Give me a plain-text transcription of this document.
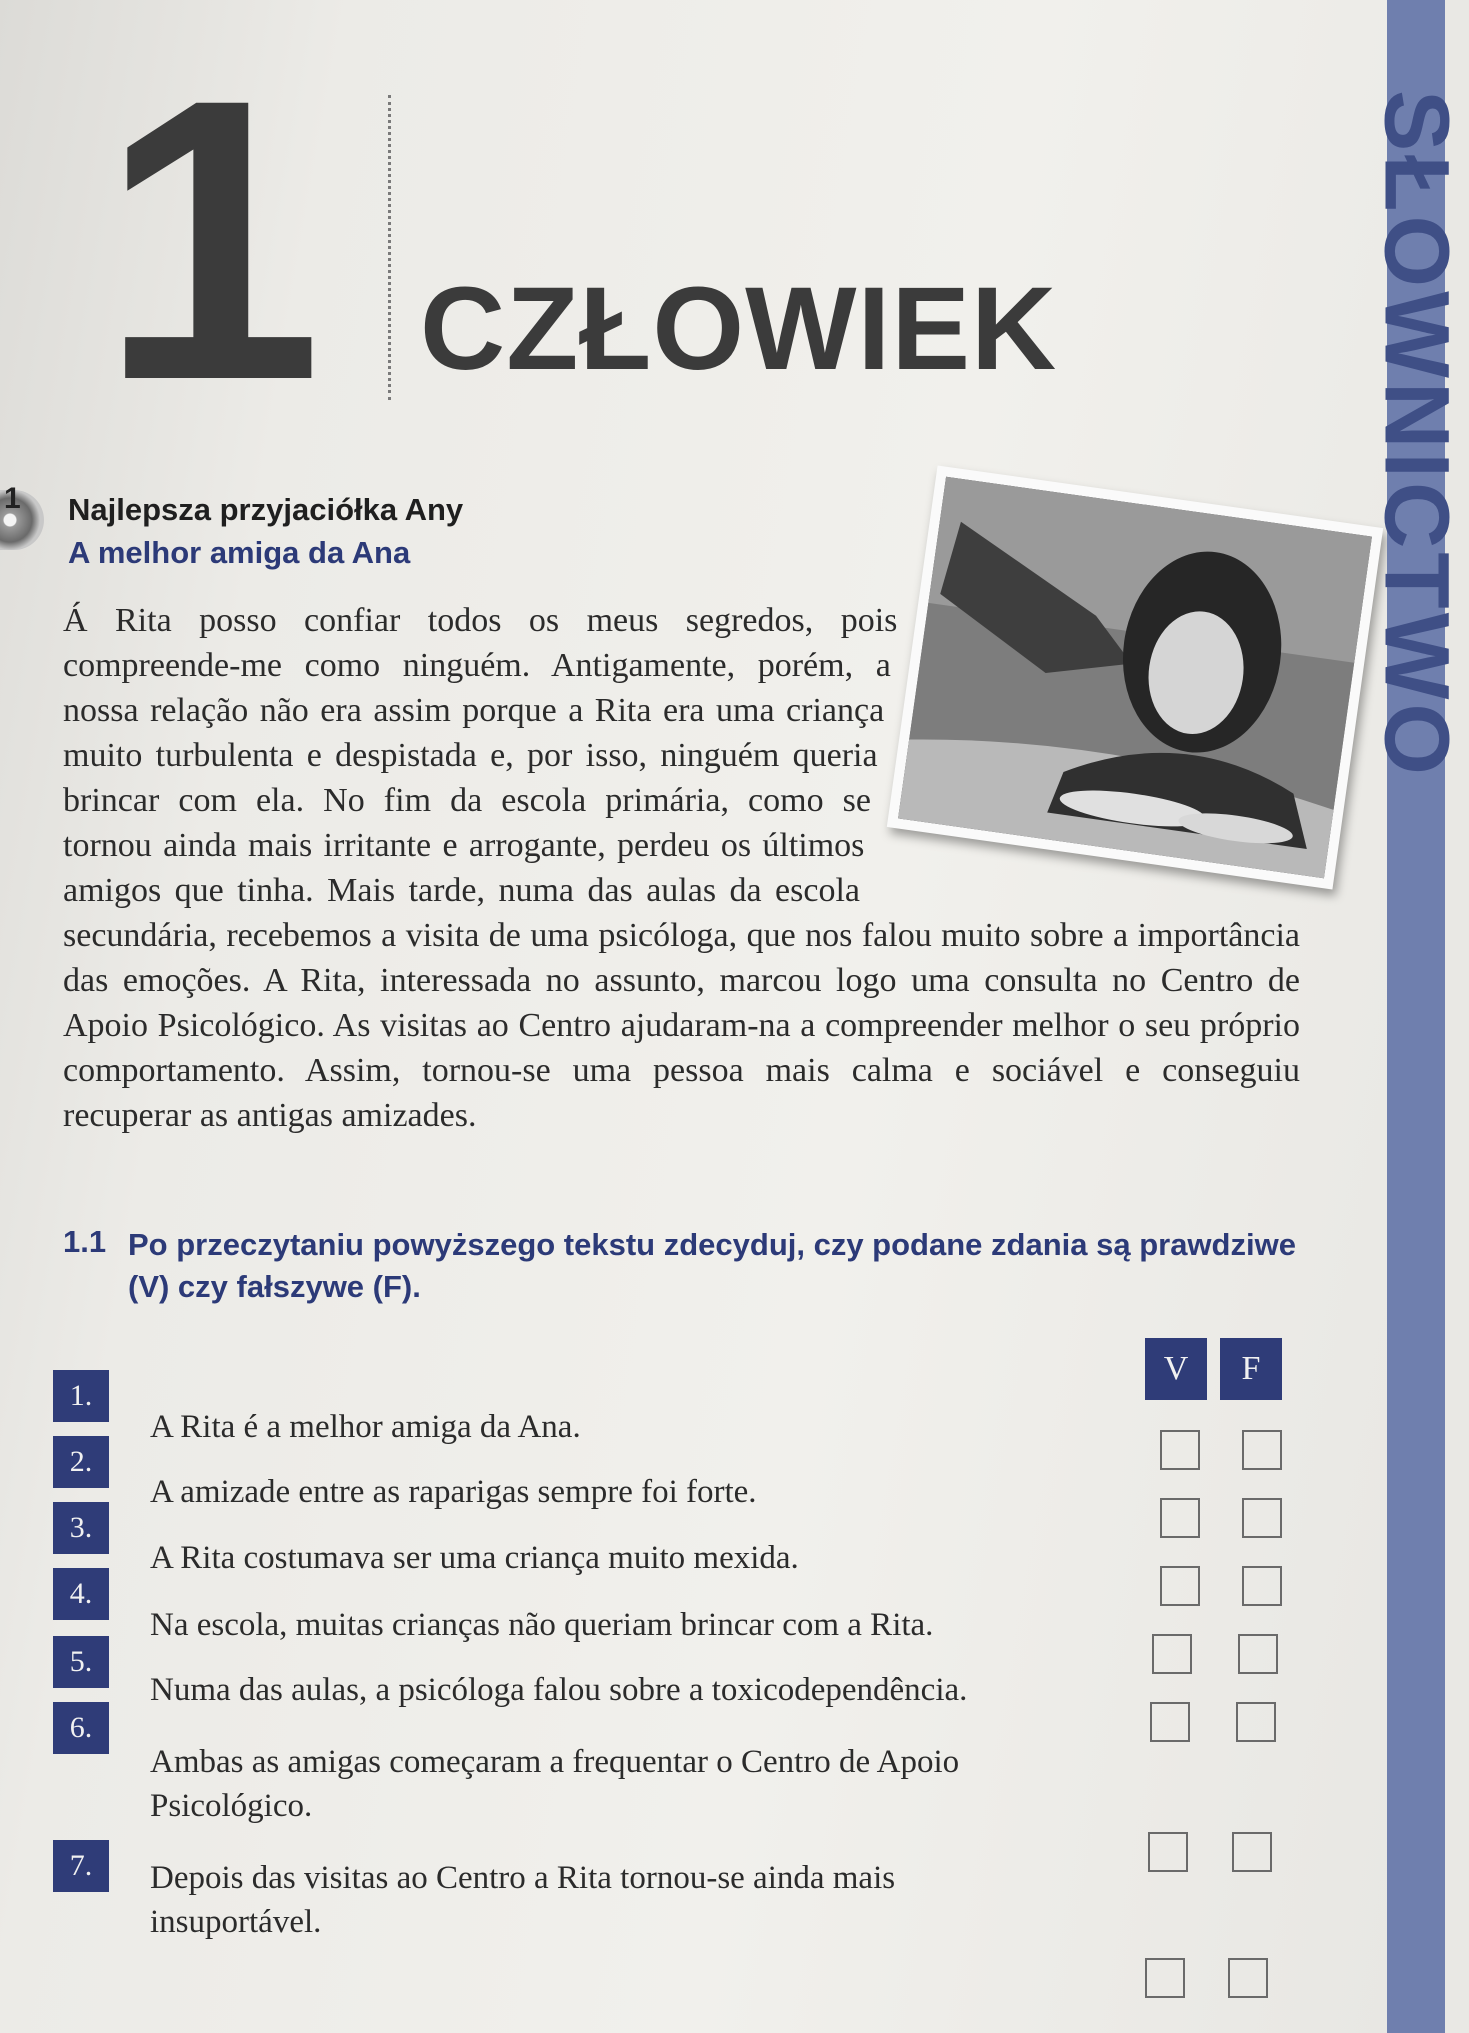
1 CZŁOWIEK
1 Najlepsza przyjaciółka Any
A melhor amiga da Ana

Á Rita posso confiar todos os meus segredos, pois compreende-me como ninguém. Antigamente, porém, a nossa relação não era assim porque a Rita era uma criança muito turbulenta e despistada e, por isso, ninguém queria brincar com ela. No fim da escola primária, como se tornou ainda mais irritante e arrogante, perdeu os últimos amigos que tinha. Mais tarde, numa das aulas da escola secundária, recebemos a visita de uma psicóloga, que nos falou muito sobre a importância das emoções. A Rita, interessada no assunto, marcou logo uma consulta no Centro de Apoio Psicológico. As visitas ao Centro ajudaram-na a compreender melhor o seu próprio comportamento. Assim, tornou-se uma pessoa mais calma e sociável e conseguiu recuperar as antigas amizades.

1.1 Po przeczytaniu powyższego tekstu zdecyduj, czy podane zdania są prawdziwe (V) czy fałszywe (F).
V	F
1.
A Rita é a melhor amiga da Ana.
2.
A amizade entre as raparigas sempre foi forte.
3.
A Rita costumava ser uma criança muito mexida.
4.
Na escola, muitas crianças não queriam brincar com a Rita.
5.
Numa das aulas, a psicóloga falou sobre a toxicodependência.
6.
Ambas as amigas começaram a frequentar o Centro de Apoio Psicológico.
7.	Depois das visitas ao Centro a Rita tornou-se ainda mais insuportável.
SŁOWNICTWO
